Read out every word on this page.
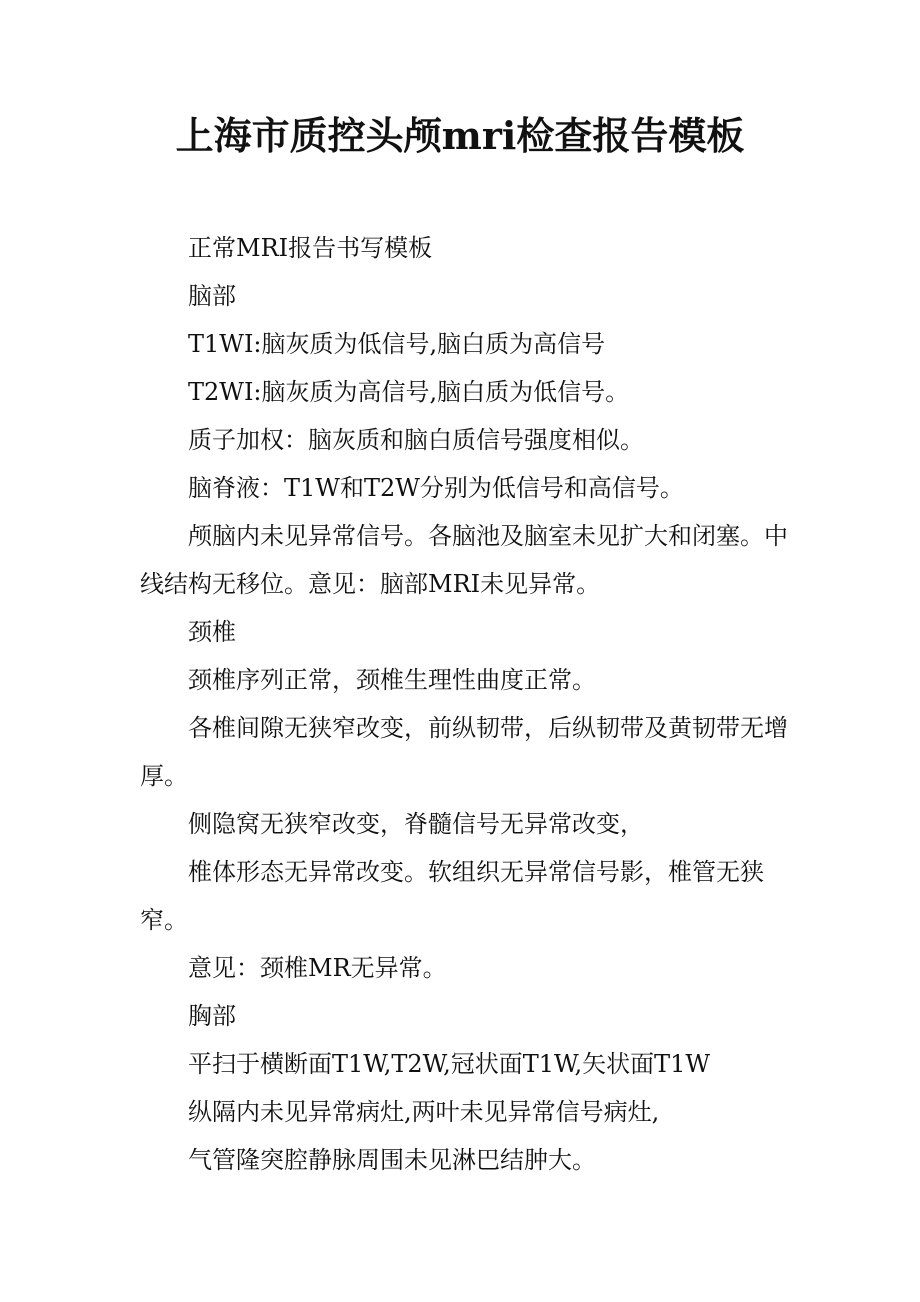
上海市质控头颅mri检查报告模板

正常MRI报告书写模板

脑部

T1WI:脑灰质为低信号,脑白质为高信号

T2WI:脑灰质为高信号,脑白质为低信号。

质子加权：脑灰质和脑白质信号强度相似。

脑脊液：T1W和T2W分别为低信号和高信号。

颅脑内未见异常信号。各脑池及脑室未见扩大和闭塞。中线结构无移位。意见：脑部MRI未见异常。

颈椎

颈椎序列正常，颈椎生理性曲度正常。

各椎间隙无狭窄改变，前纵韧带，后纵韧带及黄韧带无增厚。

侧隐窝无狭窄改变，脊髓信号无异常改变，

椎体形态无异常改变。软组织无异常信号影，椎管无狭窄。

意见：颈椎MR无异常。

胸部

平扫于横断面T1W,T2W,冠状面T1W,矢状面T1W

纵隔内未见异常病灶,两叶未见异常信号病灶,

气管隆突腔静脉周围未见淋巴结肿大。
